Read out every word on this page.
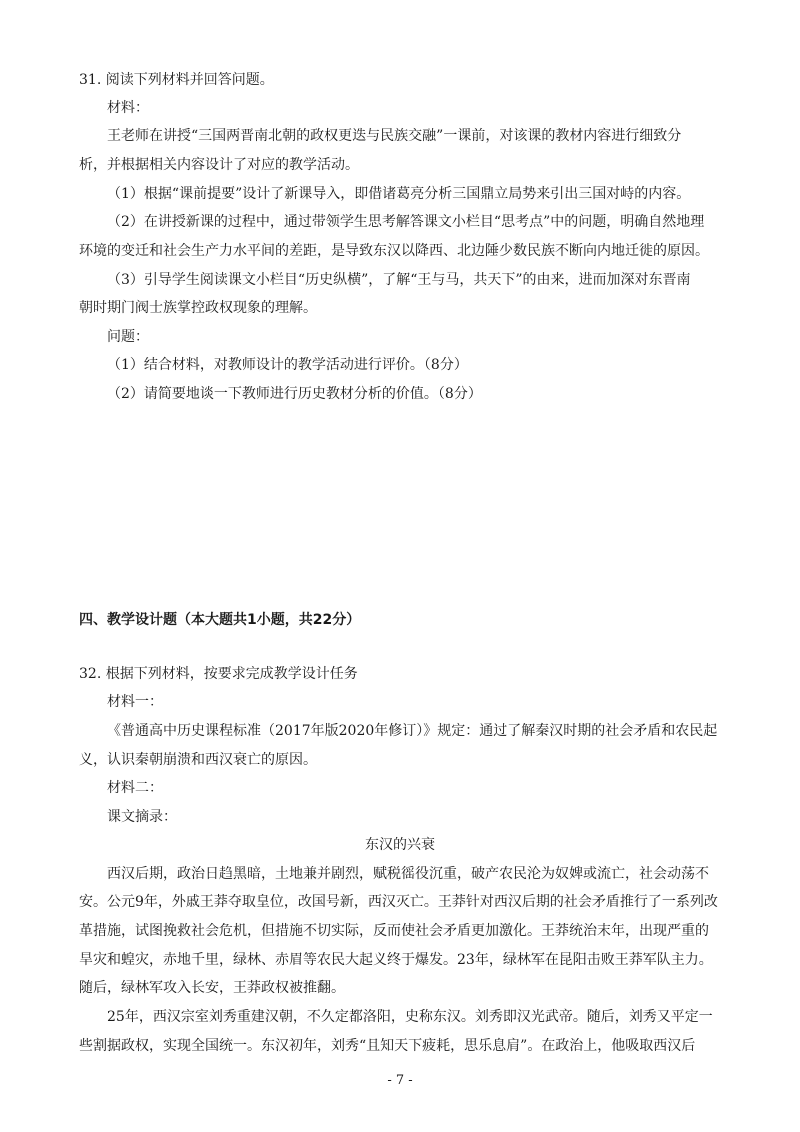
31. 阅读下列材料并回答问题。
材料：
王老师在讲授“三国两晋南北朝的政权更迭与民族交融”一课前，对该课的教材内容进行细致分
析，并根据相关内容设计了对应的教学活动。
（1）根据“课前提要”设计了新课导入，即借诸葛亮分析三国鼎立局势来引出三国对峙的内容。
（2）在讲授新课的过程中，通过带领学生思考解答课文小栏目“思考点”中的问题，明确自然地理
环境的变迁和社会生产力水平间的差距，是导致东汉以降西、北边陲少数民族不断向内地迁徙的原因。
（3）引导学生阅读课文小栏目“历史纵横”，了解“王与马，共天下”的由来，进而加深对东晋南
朝时期门阀士族掌控政权现象的理解。
问题：
（1）结合材料，对教师设计的教学活动进行评价。（8分）
（2）请简要地谈一下教师进行历史教材分析的价值。（8分）
四、教学设计题（本大题共1小题，共22分）
32. 根据下列材料，按要求完成教学设计任务
材料一：
《普通高中历史课程标准（2017年版2020年修订）》规定：通过了解秦汉时期的社会矛盾和农民起
义，认识秦朝崩溃和西汉衰亡的原因。
材料二：
课文摘录：
东汉的兴衰
西汉后期，政治日趋黑暗，土地兼并剧烈，赋税徭役沉重，破产农民沦为奴婢或流亡，社会动荡不
安。公元9年，外戚王莽夺取皇位，改国号新，西汉灭亡。王莽针对西汉后期的社会矛盾推行了一系列改
革措施，试图挽救社会危机，但措施不切实际，反而使社会矛盾更加激化。王莽统治末年，出现严重的
旱灾和蝗灾，赤地千里，绿林、赤眉等农民大起义终于爆发。23年，绿林军在昆阳击败王莽军队主力。
随后，绿林军攻入长安，王莽政权被推翻。
25年，西汉宗室刘秀重建汉朝，不久定都洛阳，史称东汉。刘秀即汉光武帝。随后，刘秀又平定一
些割据政权，实现全国统一。东汉初年，刘秀“且知天下疲耗，思乐息肩”。在政治上，他吸取西汉后
- 7 -
